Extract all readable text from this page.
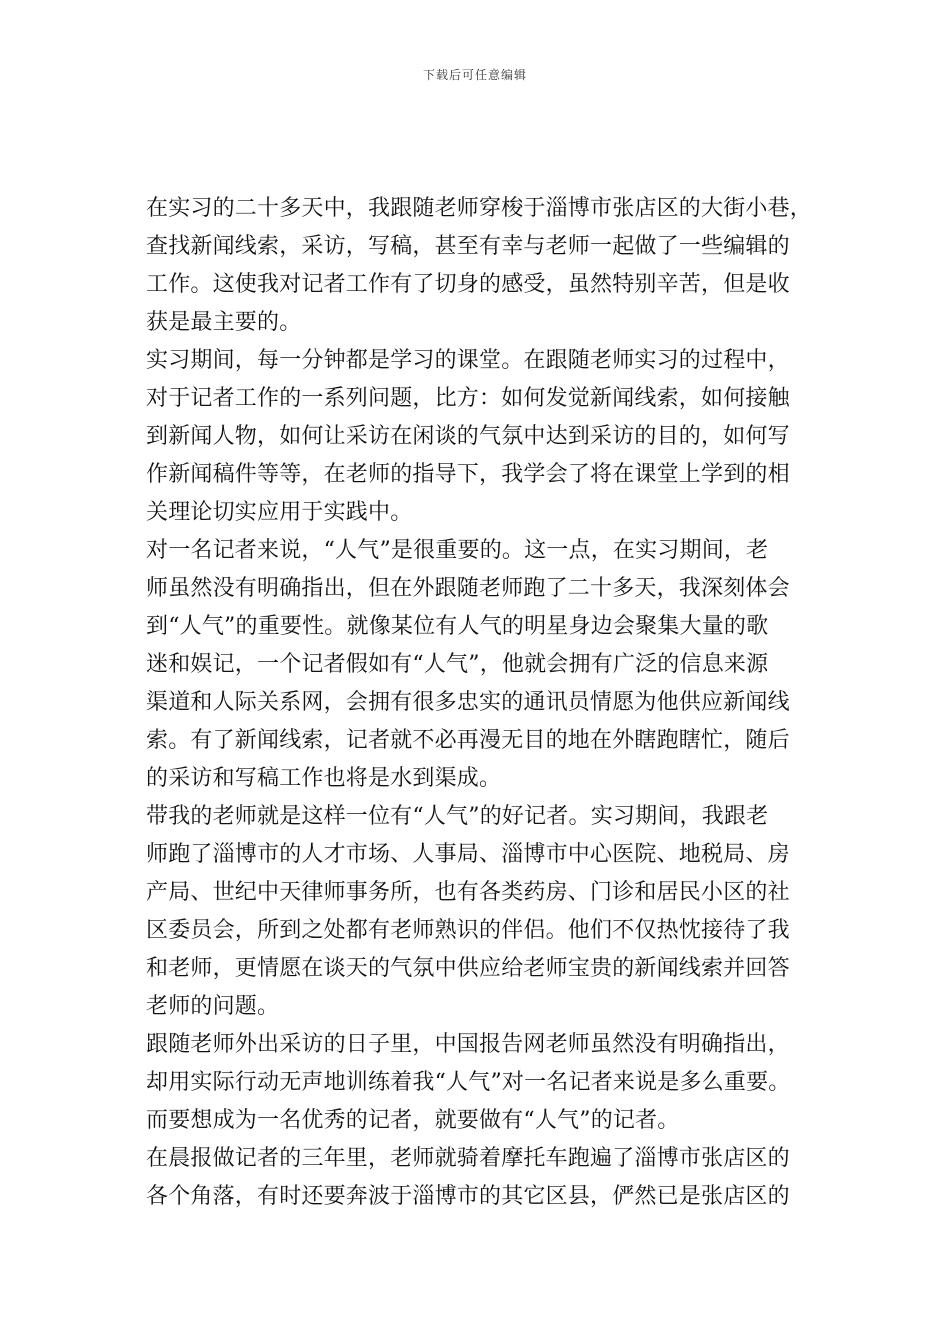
下载后可任意编辑
在实习的二十多天中，我跟随老师穿梭于淄博市张店区的大街小巷，
查找新闻线索，采访，写稿，甚至有幸与老师一起做了一些编辑的
工作。这使我对记者工作有了切身的感受，虽然特别辛苦，但是收
获是最主要的。
实习期间，每一分钟都是学习的课堂。在跟随老师实习的过程中，
对于记者工作的一系列问题，比方：如何发觉新闻线索，如何接触
到新闻人物，如何让采访在闲谈的气氛中达到采访的目的，如何写
作新闻稿件等等，在老师的指导下，我学会了将在课堂上学到的相
关理论切实应用于实践中。
对一名记者来说，“人气”是很重要的。这一点，在实习期间，老
师虽然没有明确指出，但在外跟随老师跑了二十多天，我深刻体会
到“人气”的重要性。就像某位有人气的明星身边会聚集大量的歌
迷和娱记，一个记者假如有“人气”，他就会拥有广泛的信息来源
渠道和人际关系网，会拥有很多忠实的通讯员情愿为他供应新闻线
索。有了新闻线索，记者就不必再漫无目的地在外瞎跑瞎忙，随后
的采访和写稿工作也将是水到渠成。
带我的老师就是这样一位有“人气”的好记者。实习期间，我跟老
师跑了淄博市的人才市场、人事局、淄博市中心医院、地税局、房
产局、世纪中天律师事务所，也有各类药房、门诊和居民小区的社
区委员会，所到之处都有老师熟识的伴侣。他们不仅热忱接待了我
和老师，更情愿在谈天的气氛中供应给老师宝贵的新闻线索并回答
老师的问题。
跟随老师外出采访的日子里，中国报告网老师虽然没有明确指出，
却用实际行动无声地训练着我“人气”对一名记者来说是多么重要。
而要想成为一名优秀的记者，就要做有“人气”的记者。
在晨报做记者的三年里，老师就骑着摩托车跑遍了淄博市张店区的
各个角落，有时还要奔波于淄博市的其它区县，俨然已是张店区的
